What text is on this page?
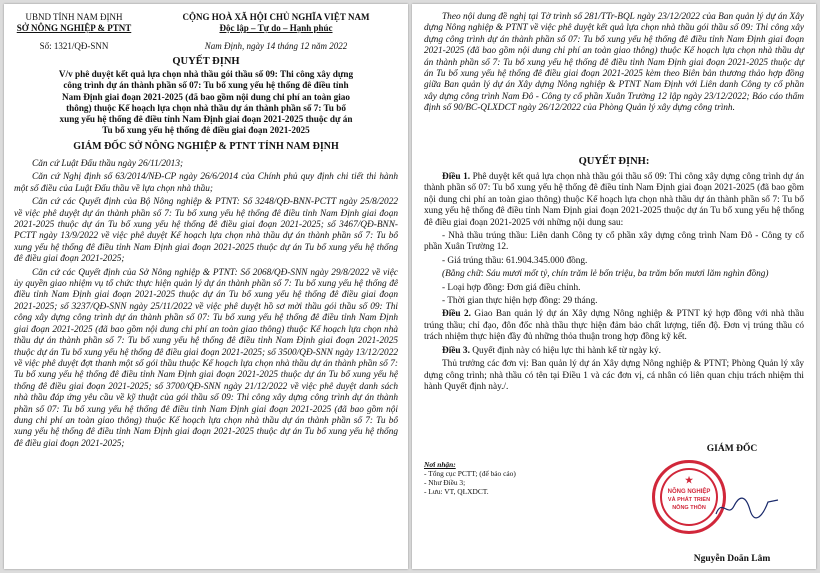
UBND TỈNH NAM ĐỊNH
SỞ NÔNG NGHIỆP & PTNT
Số: 1321/QĐ-SNN
CỘNG HOÀ XÃ HỘI CHỦ NGHĨA VIỆT NAM
Độc lập – Tự do – Hạnh phúc
Nam Định, ngày 14 tháng 12 năm 2022
QUYẾT ĐỊNH
V/v phê duyệt kết quả lựa chọn nhà thầu gói thầu số 09: Thi công xây dựng
công trình dự án thành phần số 07: Tu bổ xung yếu hệ thống đê điều tỉnh
Nam Định giai đoạn 2021-2025 (đã bao gồm nội dung chi phí an toàn giao
thông) thuộc Kế hoạch lựa chọn nhà thầu dự án thành phần số 7: Tu bổ
xung yếu hệ thống đê điều tỉnh Nam Định giai đoạn 2021-2025 thuộc dự án
Tu bổ xung yếu hệ thống đê điều giai đoạn 2021-2025
GIÁM ĐỐC SỞ NÔNG NGHIỆP & PTNT TỈNH NAM ĐỊNH

Căn cứ Luật Đấu thầu ngày 26/11/2013;

Căn cứ Nghị định số 63/2014/NĐ-CP ngày 26/6/2014 của Chính phủ quy định chi tiết thi hành một số điều của Luật Đấu thầu về lựa chọn nhà thầu;

Căn cứ các Quyết định của Bộ Nông nghiệp & PTNT: Số 3248/QĐ-BNN-PCTT ngày 25/8/2022 về việc phê duyệt dự án thành phần số 7: Tu bổ xung yếu hệ thống đê điều tỉnh Nam Định giai đoạn 2021-2025 thuộc dự án Tu bổ xung yếu hệ thống đê điều giai đoạn 2021-2025; số 3467/QĐ-BNN-PCTT ngày 13/9/2022 về việc phê duyệt Kế hoạch lựa chọn nhà thầu dự án thành phần số 7: Tu bổ xung yếu hệ thống đê điều tỉnh Nam Định giai đoạn 2021-2025 thuộc dự án Tu bổ xung yếu hệ thống đê điều giai đoạn 2021-2025;

Căn cứ các Quyết định của Sở Nông nghiệp & PTNT: Số 2068/QĐ-SNN ngày 29/8/2022 về việc ủy quyền giao nhiệm vụ tổ chức thực hiện quản lý dự án thành phần số 7: Tu bổ xung yếu hệ thống đê điều tỉnh Nam Định giai đoạn 2021-2025 thuộc dự án Tu bổ xung yếu hệ thống đê điều giai đoạn 2021-2025; số 3237/QĐ-SNN ngày 25/11/2022 về việc phê duyệt hồ sơ mời thầu gói thầu số 09: Thi công xây dựng công trình dự án thành phần số 07: Tu bổ xung yếu hệ thống đê điều tỉnh Nam Định giai đoạn 2021-2025 (đã bao gồm nội dung chi phí an toàn giao thông) thuộc Kế hoạch lựa chọn nhà thầu dự án thành phần số 7: Tu bổ xung yếu hệ thống đê điều tỉnh Nam Định giai đoạn 2021-2025 thuộc dự án Tu bổ xung yếu hệ thống đê điều giai đoạn 2021-2025; số 3500/QĐ-SNN ngày 13/12/2022 về việc phê duyệt đợt thanh một số gói thầu thuộc Kế hoạch lựa chọn nhà thầu dự án thành phần số 7: Tu bổ xung yếu hệ thống đê điều tỉnh Nam Định giai đoạn 2021-2025 thuộc dự án Tu bổ xung yếu hệ thống đê điều giai đoạn 2021-2025; số 3700/QĐ-SNN ngày 21/12/2022 về việc phê duyệt danh sách nhà thầu đáp ứng yêu cầu về kỹ thuật của gói thầu số 09: Thi công xây dựng công trình dự án thành phần số 07: Tu bổ xung yếu hệ thống đê điều tỉnh Nam Định giai đoạn 2021-2025 (đã bao gồm nội dung chi phí an toàn giao thông) thuộc Kế hoạch lựa chọn nhà thầu dự án thành phần số 7: Tu bổ xung yếu hệ thống đê điều tỉnh Nam Định giai đoạn 2021-2025 thuộc dự án Tu bổ xung yếu hệ thống đê điều giai đoạn 2021-2025;

Theo nội dung đề nghị tại Tờ trình số 281/TTr-BQL ngày 23/12/2022 của Ban quản lý dự án Xây dựng Nông nghiệp & PTNT về việc phê duyệt kết quả lựa chọn nhà thầu gói thầu số 09: Thi công xây dựng công trình dự án thành phần số 07: Tu bổ xung yếu hệ thống đê điều tỉnh Nam Định giai đoạn 2021-2025 (đã bao gồm nội dung chi phí an toàn giao thông) thuộc Kế hoạch lựa chọn nhà thầu dự án thành phần số 7: Tu bổ xung yếu hệ thống đê điều tỉnh Nam Định giai đoạn 2021-2025 thuộc dự án Tu bổ xung yếu hệ thống đê điều giai đoạn 2021-2025 kèm theo Biên bản thương thảo hợp đồng giữa Ban quản lý dự án Xây dựng Nông nghiệp & PTNT Nam Định với Liên danh Công ty cổ phần xây dựng công trình Nam Đô - Công ty cổ phần Xuân Trường 12 lập ngày 23/12/2022; Báo cáo thẩm định số 90/BC-QLXDCT ngày 26/12/2022 của Phòng Quản lý xây dựng công trình.

QUYẾT ĐỊNH:

Điều 1. Phê duyệt kết quả lựa chọn nhà thầu gói thầu số 09: Thi công xây dựng công trình dự án thành phần số 07: Tu bổ xung yếu hệ thống đê điều tỉnh Nam Định giai đoạn 2021-2025 (đã bao gồm nội dung chi phí an toàn giao thông) thuộc Kế hoạch lựa chọn nhà thầu dự án thành phần số 7: Tu bổ xung yếu hệ thống đê điều tỉnh Nam Định giai đoạn 2021-2025 thuộc dự án Tu bổ xung yếu hệ thống đê điều giai đoạn 2021-2025 với những nội dung sau:

- Nhà thầu trúng thầu: Liên danh Công ty cổ phần xây dựng công trình Nam Đô - Công ty cổ phần Xuân Trường 12.

- Giá trúng thầu: 61.904.345.000 đồng.

(Bằng chữ: Sáu mươi mốt tỷ, chín trăm lẻ bốn triệu, ba trăm bốn mươi lăm nghìn đồng)

- Loại hợp đồng: Đơn giá điều chỉnh.

- Thời gian thực hiện hợp đồng: 29 tháng.

Điều 2. Giao Ban quản lý dự án Xây dựng Nông nghiệp & PTNT ký hợp đồng với nhà thầu trúng thầu; chỉ đạo, đôn đốc nhà thầu thực hiện đảm bảo chất lượng, tiến độ. Đơn vị trúng thầu có trách nhiệm thực hiện đầy đủ những thỏa thuận trong hợp đồng kỹ kết.

Điều 3. Quyết định này có hiệu lực thi hành kể từ ngày ký.

Thủ trưởng các đơn vị: Ban quản lý dự án Xây dựng Nông nghiệp & PTNT; Phòng Quản lý xây dựng công trình; nhà thầu có tên tại Điều 1 và các đơn vị, cá nhân có liên quan chịu trách nhiệm thi hành Quyết định này./.

Nơi nhận:
- Tổng cục PCTT; (để báo cáo)
- Như Điều 3;
- Lưu: VT, QLXDCT.
GIÁM ĐỐC
★
NÔNG NGHIỆP
VÀ PHÁT TRIỂN
NÔNG THÔN
Nguyễn Doãn Lâm
